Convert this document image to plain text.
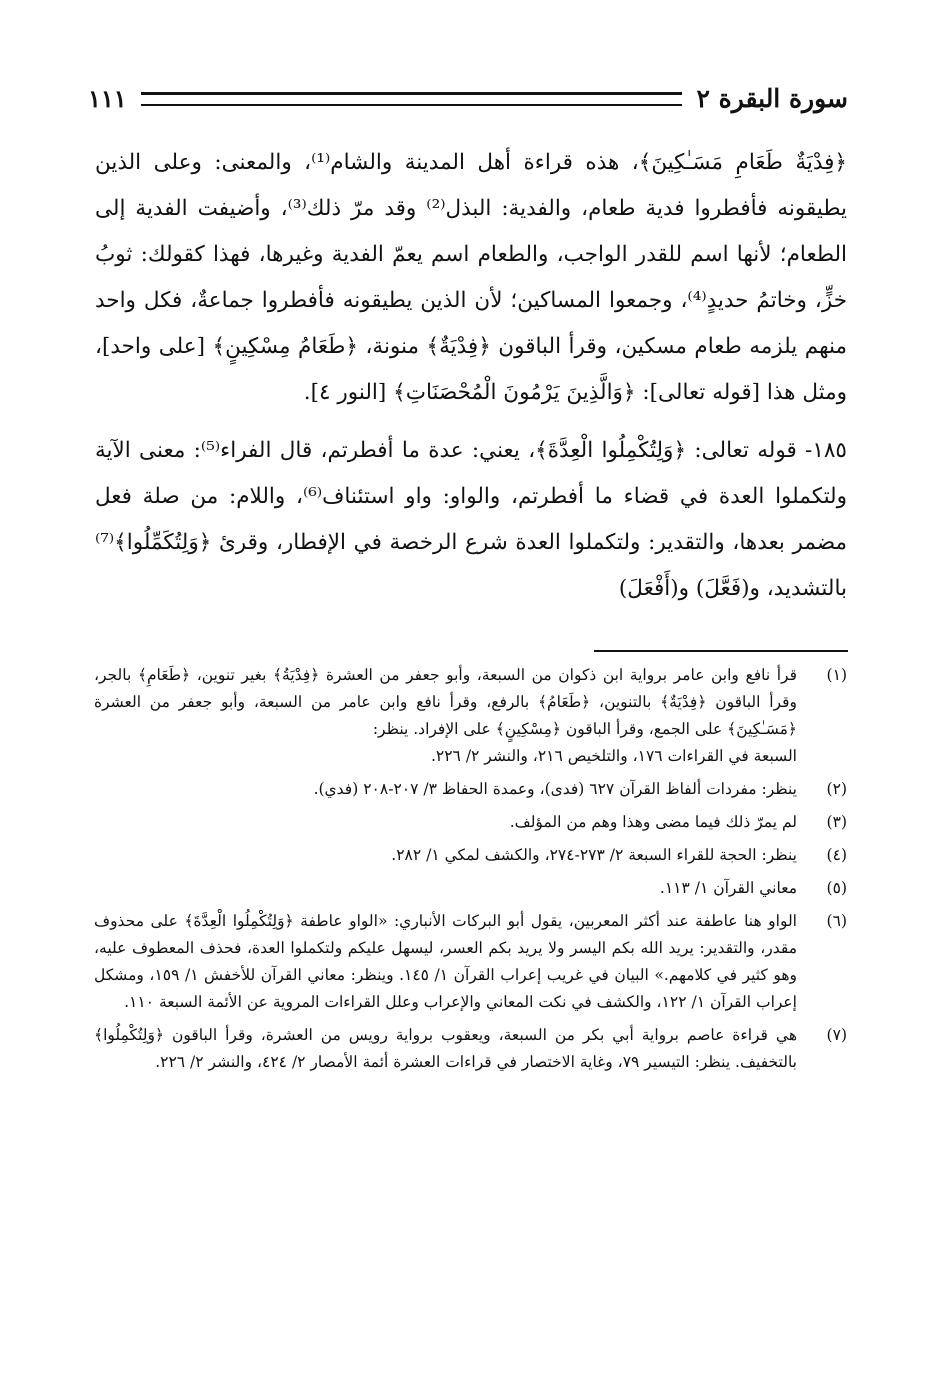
سورة البقرة ٢
١١١

﴿فِدْيَةٌ طَعَامِ مَسَـٰكِينَ﴾، هذه قراءة أهل المدينة والشام⁽¹⁾، والمعنى: وعلى الذين يطيقونه فأفطروا فدية طعام، والفدية: البذل⁽²⁾ وقد مرّ ذلك⁽³⁾، وأضيفت الفدية إلى الطعام؛ لأنها اسم للقدر الواجب، والطعام اسم يعمّ الفدية وغيرها، فهذا كقولك: ثوبُ خزٍّ، وخاتمُ حديدٍ⁽⁴⁾، وجمعوا المساكين؛ لأن الذين يطيقونه فأفطروا جماعةٌ، فكل واحد منهم يلزمه طعام مسكين، وقرأ الباقون ﴿فِدْيَةٌ﴾ منونة، ﴿طَعَامُ مِسْكِينٍ﴾ [على واحد]، ومثل هذا [قوله تعالى]: ﴿وَالَّذِينَ يَرْمُونَ الْمُحْصَنَاتِ﴾ [النور ٤].

١٨٥- قوله تعالى: ﴿وَلِتُكْمِلُوا الْعِدَّةَ﴾، يعني: عدة ما أفطرتم، قال الفراء⁽⁵⁾: معنى الآية ولتكملوا العدة في قضاء ما أفطرتم، والواو: واو استئناف⁽⁶⁾، واللام: من صلة فعل مضمر بعدها، والتقدير: ولتكملوا العدة شرع الرخصة في الإفطار، وقرئ ﴿وَلِتُكَمِّلُوا﴾⁽⁷⁾ بالتشديد، و(فَعَّلَ) و(أَفْعَلَ)

(١)
قرأ نافع وابن عامر برواية ابن ذكوان من السبعة، وأبو جعفر من العشرة ﴿فِدْيَةُ﴾ بغير تنوين، ﴿طَعَامِ﴾ بالجر، وقرأ الباقون ﴿فِدْيَةٌ﴾ بالتنوين، ﴿طَعَامُ﴾ بالرفع، وقرأ نافع وابن عامر من السبعة، وأبو جعفر من العشرة ﴿مَسَـٰكِينَ﴾ على الجمع، وقرأ الباقون ﴿مِسْكِينٍ﴾ على الإفراد. ينظر:
السبعة في القراءات ١٧٦، والتلخيص ٢١٦، والنشر ٢/ ٢٢٦.
(٢)
ينظر: مفردات ألفاظ القرآن ٦٢٧ (فدى)، وعمدة الحفاظ ٣/ ٢٠٧-٢٠٨ (فدي).
(٣)
لم يمرّ ذلك فيما مضى وهذا وهم من المؤلف.
(٤)
ينظر: الحجة للقراء السبعة ٢/ ٢٧٣-٢٧٤، والكشف لمكي ١/ ٢٨٢.
(٥)
معاني القرآن ١/ ١١٣.
(٦)
الواو هنا عاطفة عند أكثر المعربين، يقول أبو البركات الأنباري: «الواو عاطفة ﴿وَلِتُكْمِلُوا الْعِدَّةَ﴾ على محذوف مقدر، والتقدير: يريد الله بكم اليسر ولا يريد بكم العسر، ليسهل عليكم ولتكملوا العدة، فحذف المعطوف عليه، وهو كثير في كلامهم.» البيان في غريب إعراب القرآن ١/ ١٤٥. وينظر: معاني القرآن للأخفش ١/ ١٥٩، ومشكل إعراب القرآن ١/ ١٢٢، والكشف في نكت المعاني والإعراب وعلل القراءات المروية عن الأئمة السبعة ١١٠.
(٧)
هي قراءة عاصم برواية أبي بكر من السبعة، ويعقوب برواية رويس من العشرة، وقرأ الباقون ﴿وَلِتُكْمِلُوا﴾ بالتخفيف. ينظر: التيسير ٧٩، وغاية الاختصار في قراءات العشرة أئمة الأمصار ٢/ ٤٢٤، والنشر ٢/ ٢٢٦.
